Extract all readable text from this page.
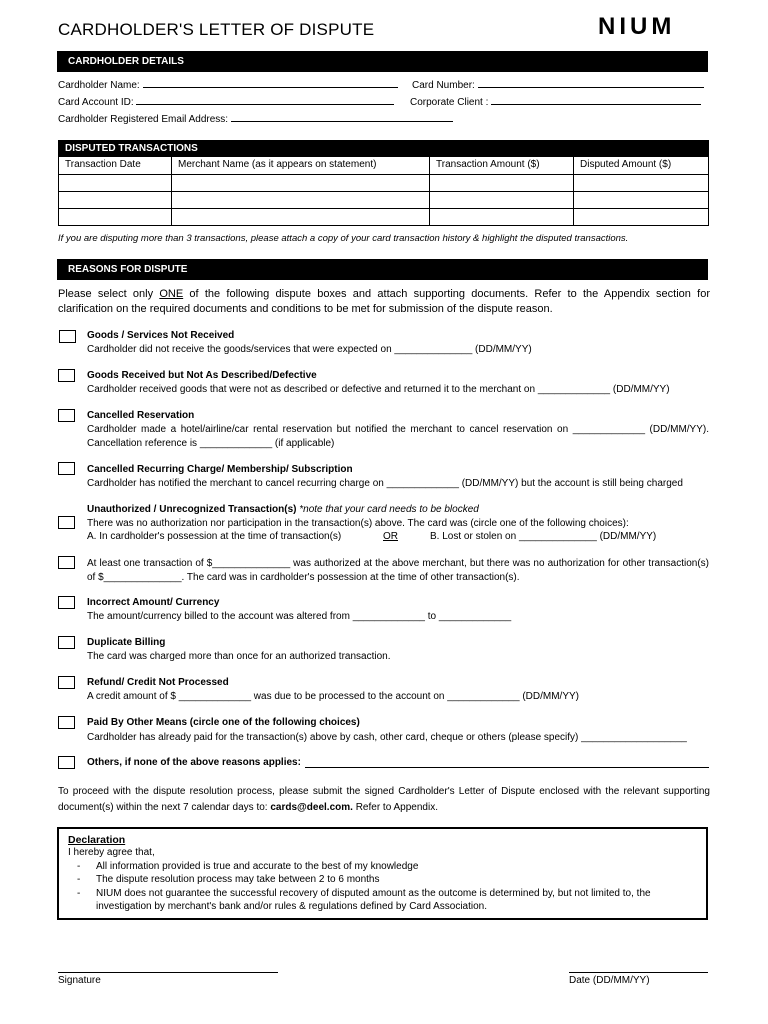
CARDHOLDER'S LETTER OF DISPUTE	NIUM
CARDHOLDER DETAILS
Cardholder Name:	Card Number:
Card Account ID:	Corporate Client :
Cardholder Registered Email Address:
DISPUTED TRANSACTIONS
Transaction Date	Merchant Name (as it appears on statement)	Transaction Amount ($)	Disputed Amount ($)
If you are disputing more than 3 transactions, please attach a copy of your card transaction history & highlight the disputed transactions.
REASONS FOR DISPUTE
Please select only ONE of the following dispute boxes and attach supporting documents. Refer to the Appendix section for clarification on the required documents and conditions to be met for submission of the dispute reason.
Goods / Services Not Received
Cardholder did not receive the goods/services that were expected on ______________ (DD/MM/YY)
Goods Received but Not As Described/Defective
Cardholder received goods that were not as described or defective and returned it to the merchant on _____________ (DD/MM/YY)
Cancelled Reservation
Cardholder made a hotel/airline/car rental reservation but notified the merchant to cancel reservation on _____________ (DD/MM/YY). Cancellation reference is _____________ (if applicable)
Cancelled Recurring Charge/ Membership/ Subscription
Cardholder has notified the merchant to cancel recurring charge on _____________ (DD/MM/YY) but the account is still being charged
Unauthorized / Unrecognized Transaction(s) *note that your card needs to be blocked
There was no authorization nor participation in the transaction(s) above. The card was (circle one of the following choices):
A. In cardholder's possession at the time of transaction(s)	OR	B. Lost or stolen on ______________ (DD/MM/YY)
At least one transaction of $______________ was authorized at the above merchant, but there was no authorization for other transaction(s) of $______________. The card was in cardholder's possession at the time of other transaction(s).
Incorrect Amount/ Currency
The amount/currency billed to the account was altered from _____________ to _____________
Duplicate Billing
The card was charged more than once for an authorized transaction.
Refund/ Credit Not Processed
A credit amount of $ _____________ was due to be processed to the account on _____________ (DD/MM/YY)
Paid By Other Means (circle one of the following choices)
Cardholder has already paid for the transaction(s) above by cash, other card, cheque or others (please specify) ___________________
Others, if none of the above reasons applies:
To proceed with the dispute resolution process, please submit the signed Cardholder's Letter of Dispute enclosed with the relevant supporting document(s) within the next 7 calendar days to: cards@deel.com. Refer to Appendix.
Declaration
I hereby agree that,
- All information provided is true and accurate to the best of my knowledge
- The dispute resolution process may take between 2 to 6 months
- NIUM does not guarantee the successful recovery of disputed amount as the outcome is determined by, but not limited to, the investigation by merchant's bank and/or rules & regulations defined by Card Association.
Signature	Date (DD/MM/YY)
